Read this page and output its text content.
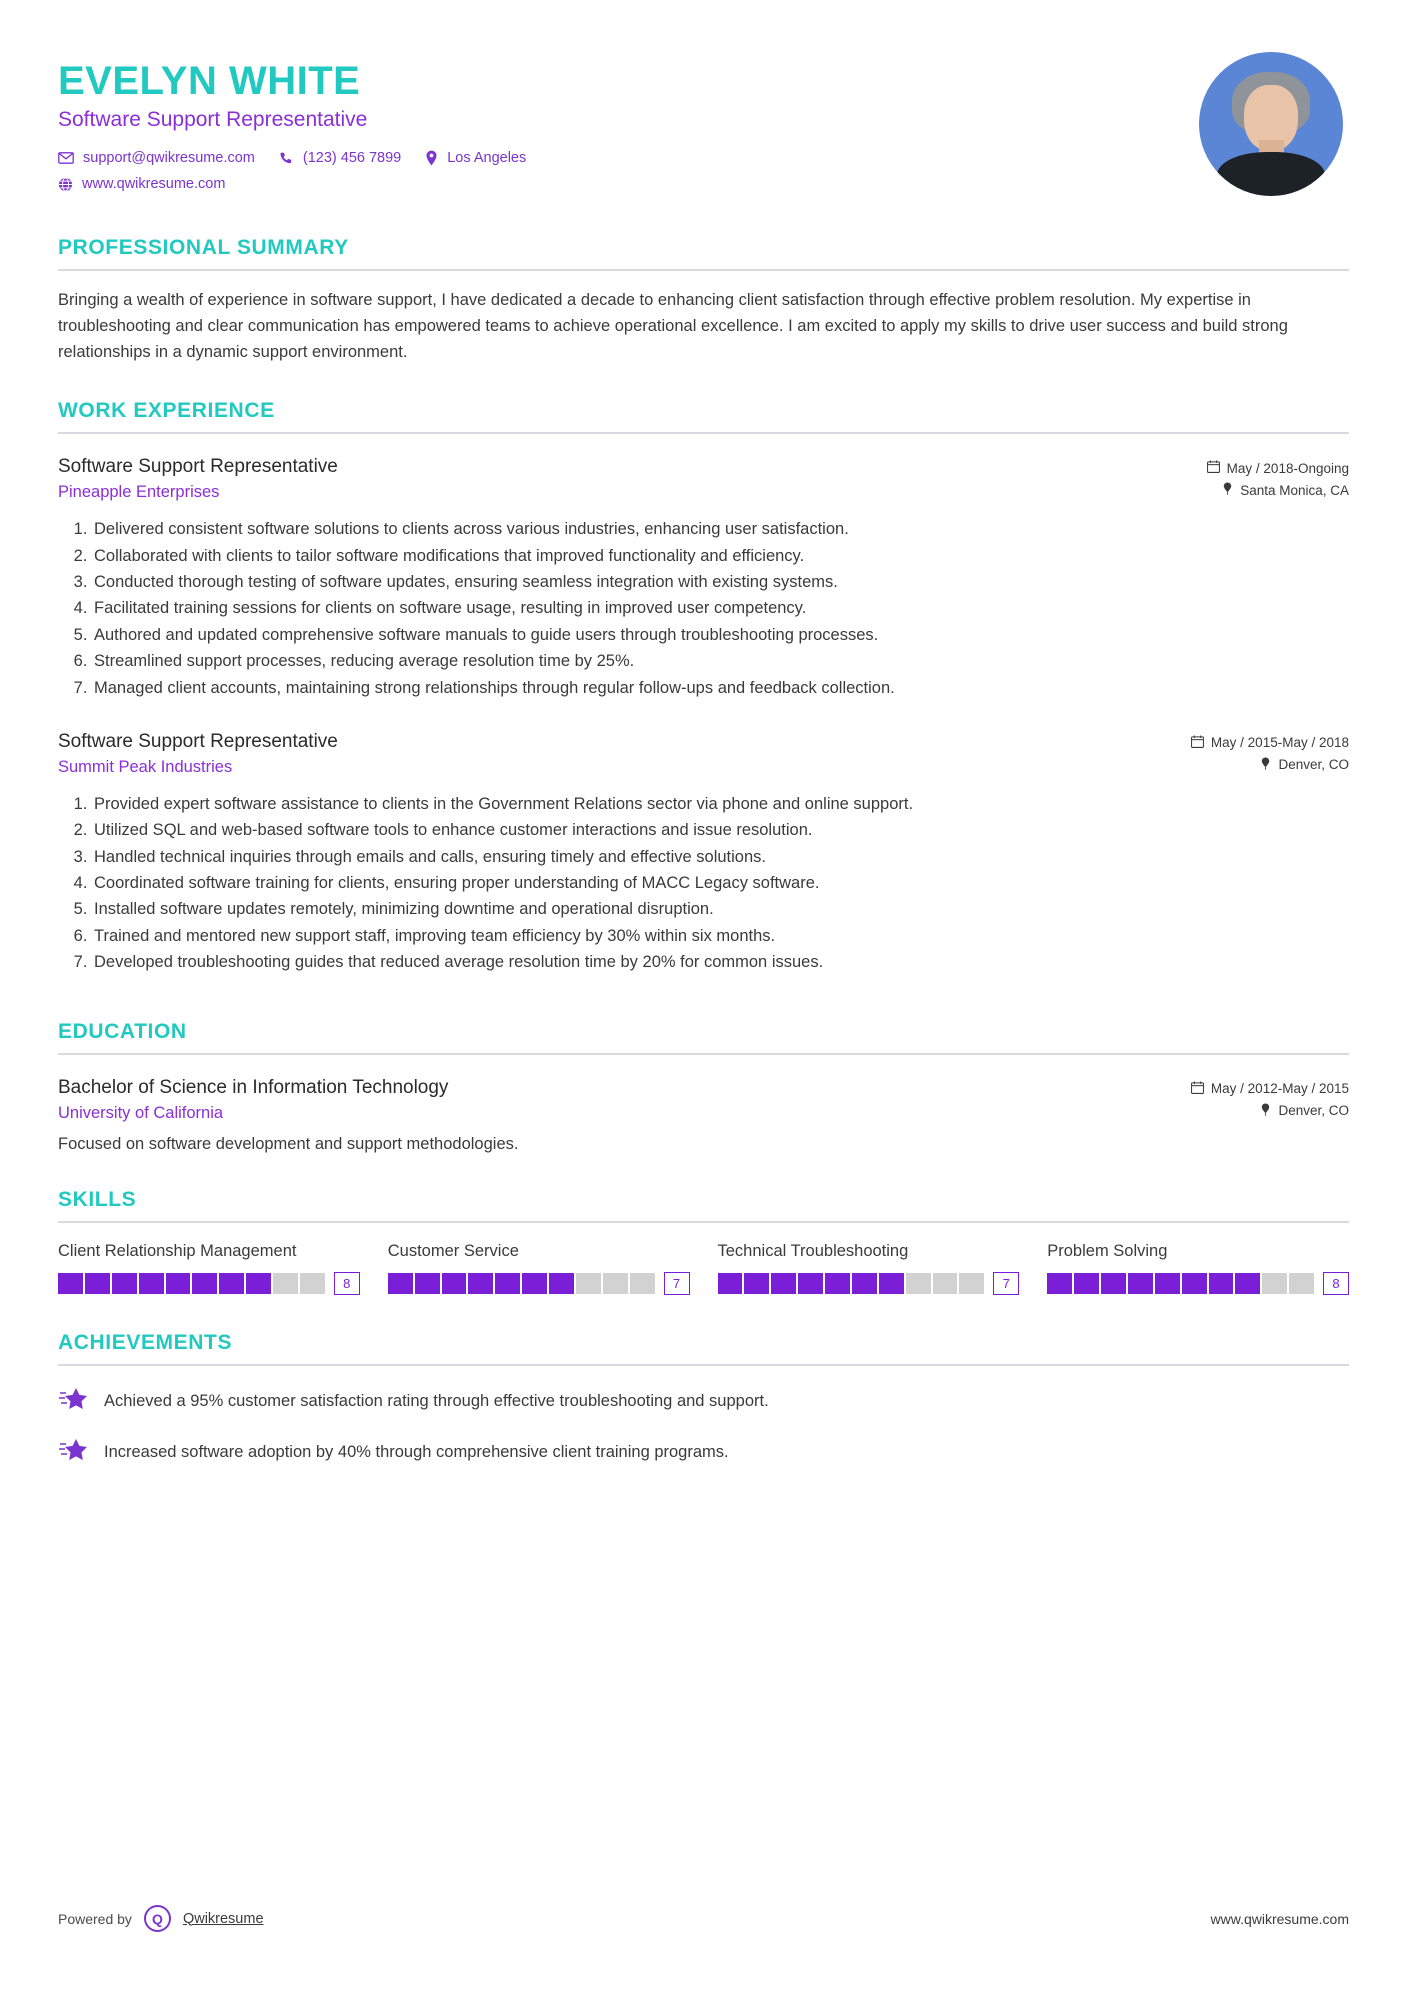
EVELYN WHITE
Software Support Representative
support@qwikresume.com	(123) 456 7899	Los Angeles
www.qwikresume.com
PROFESSIONAL SUMMARY

Bringing a wealth of experience in software support, I have dedicated a decade to enhancing client satisfaction through effective problem resolution. My expertise in troubleshooting and clear communication has empowered teams to achieve operational excellence. I am excited to apply my skills to drive user success and build strong relationships in a dynamic support environment.

WORK EXPERIENCE
Software Support Representative
Pineapple Enterprises
May / 2018-Ongoing
Santa Monica, CA
1. Delivered consistent software solutions to clients across various industries, enhancing user satisfaction.
2. Collaborated with clients to tailor software modifications that improved functionality and efficiency.
3. Conducted thorough testing of software updates, ensuring seamless integration with existing systems.
4. Facilitated training sessions for clients on software usage, resulting in improved user competency.
5. Authored and updated comprehensive software manuals to guide users through troubleshooting processes.
6. Streamlined support processes, reducing average resolution time by 25%.
7. Managed client accounts, maintaining strong relationships through regular follow-ups and feedback collection.
Software Support Representative
Summit Peak Industries
May / 2015-May / 2018
Denver, CO
1. Provided expert software assistance to clients in the Government Relations sector via phone and online support.
2. Utilized SQL and web-based software tools to enhance customer interactions and issue resolution.
3. Handled technical inquiries through emails and calls, ensuring timely and effective solutions.
4. Coordinated software training for clients, ensuring proper understanding of MACC Legacy software.
5. Installed software updates remotely, minimizing downtime and operational disruption.
6. Trained and mentored new support staff, improving team efficiency by 30% within six months.
7. Developed troubleshooting guides that reduced average resolution time by 20% for common issues.
EDUCATION
Bachelor of Science in Information Technology
University of California
May / 2012-May / 2015
Denver, CO
Focused on software development and support methodologies.
SKILLS
Client Relationship Management
8
Customer Service
7
Technical Troubleshooting
7
Problem Solving
8
ACHIEVEMENTS
Achieved a 95% customer satisfaction rating through effective troubleshooting and support.
Increased software adoption by 40% through comprehensive client training programs.
Powered by	Q	Qwikresume	www.qwikresume.com
